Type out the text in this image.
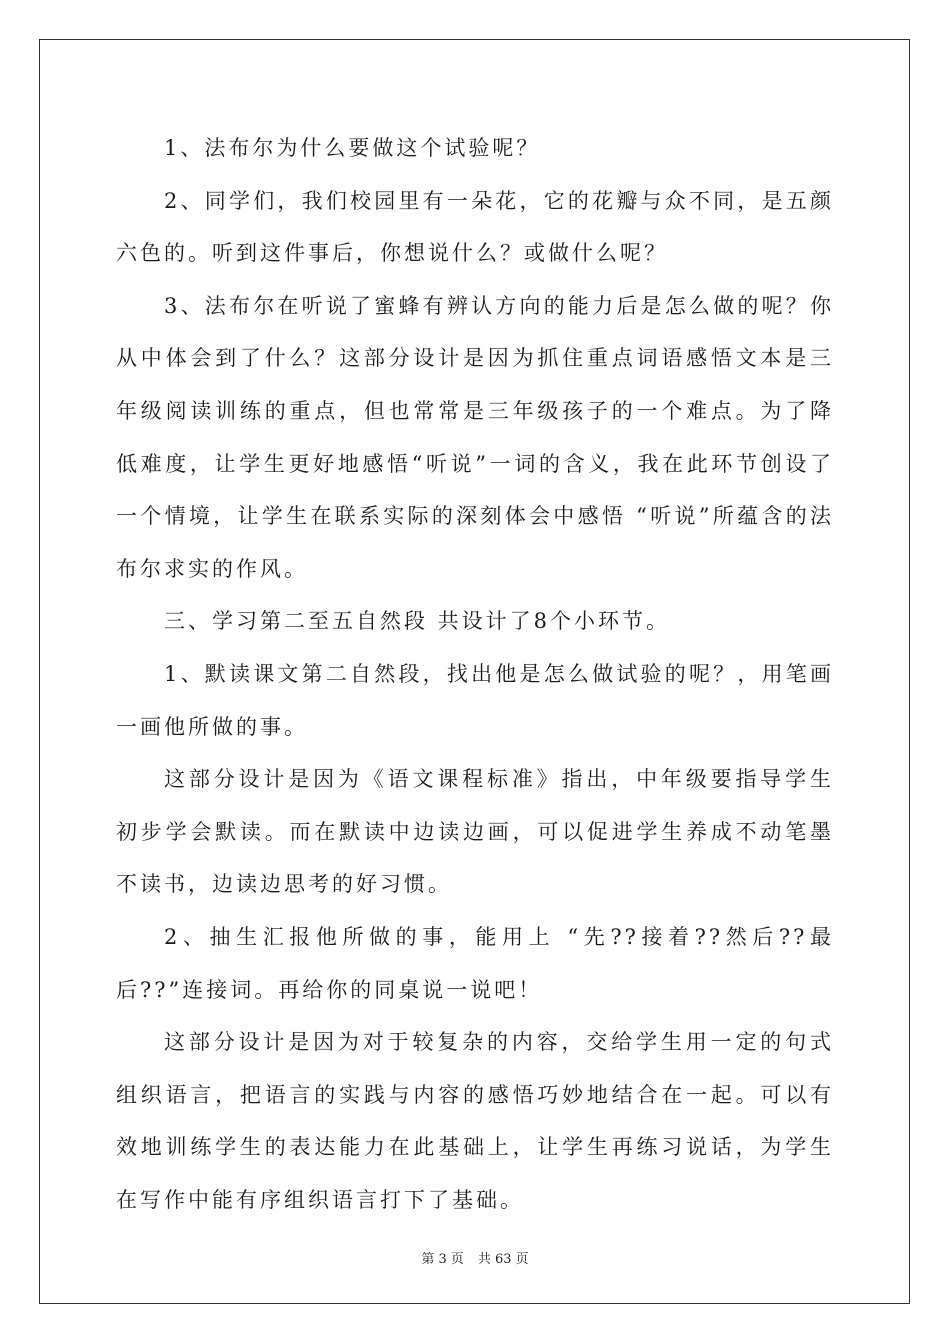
1、法布尔为什么要做这个试验呢？

2、同学们，我们校园里有一朵花，它的花瓣与众不同，是五颜六色的。听到这件事后，你想说什么？或做什么呢？

3、法布尔在听说了蜜蜂有辨认方向的能力后是怎么做的呢？你从中体会到了什么？这部分设计是因为抓住重点词语感悟文本是三年级阅读训练的重点，但也常常是三年级孩子的一个难点。为了降低难度，让学生更好地感悟“听说”一词的含义，我在此环节创设了一个情境，让学生在联系实际的深刻体会中感悟 “听说”所蕴含的法布尔求实的作风。

三、学习第二至五自然段 共设计了8个小环节。

1、默读课文第二自然段，找出他是怎么做试验的呢？，用笔画一画他所做的事。

这部分设计是因为《语文课程标准》指出，中年级要指导学生初步学会默读。而在默读中边读边画，可以促进学生养成不动笔墨不读书，边读边思考的好习惯。

2、抽生汇报他所做的事，能用上 “先??接着??然后??最后??”连接词。再给你的同桌说一说吧！

这部分设计是因为对于较复杂的内容，交给学生用一定的句式组织语言，把语言的实践与内容的感悟巧妙地结合在一起。可以有效地训练学生的表达能力在此基础上，让学生再练习说话，为学生在写作中能有序组织语言打下了基础。

第 3 页 共 63 页
